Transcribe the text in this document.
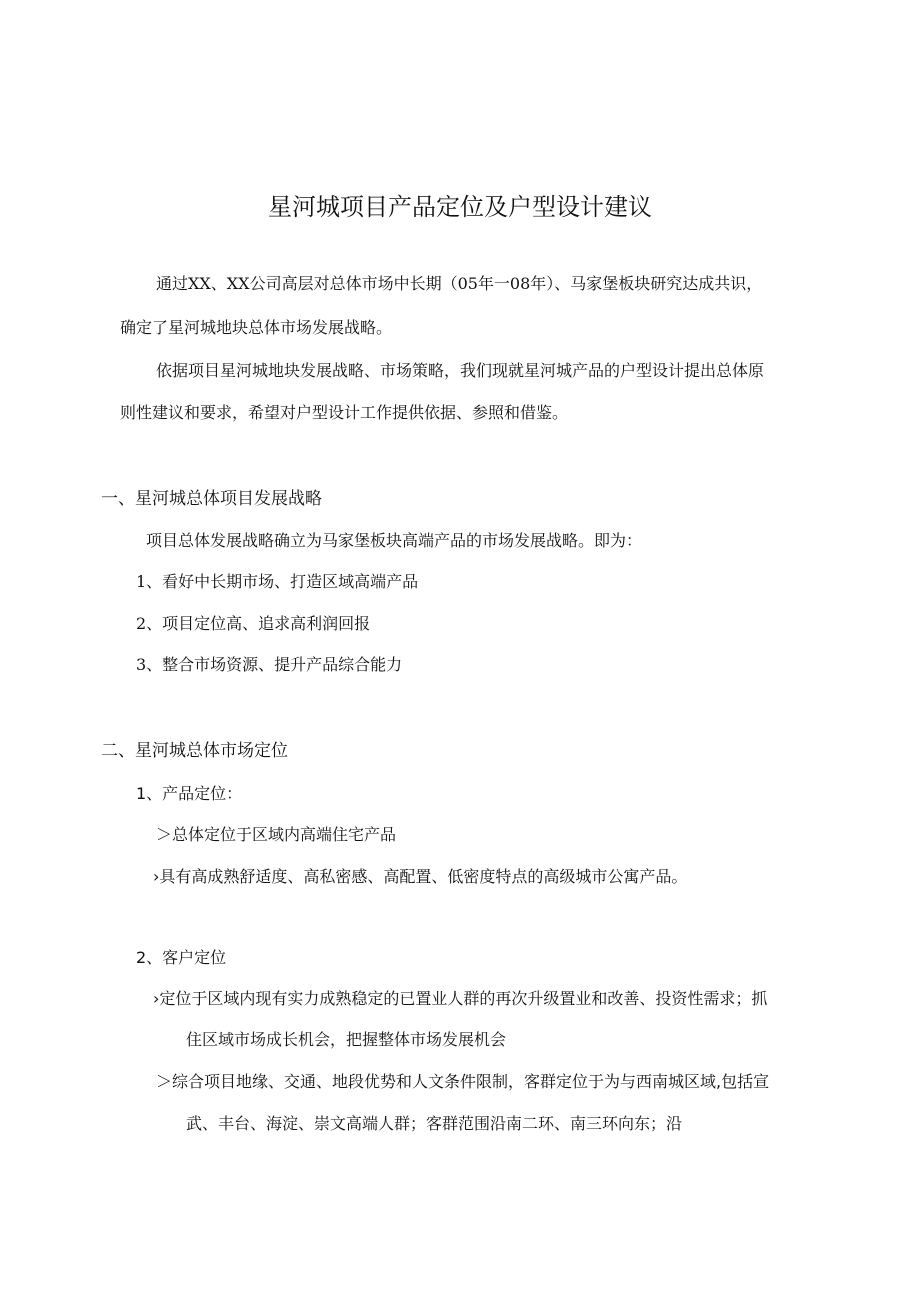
星河城项目产品定位及户型设计建议
通过XX、XX公司高层对总体市场中长期（05年一08年）、马家堡板块研究达成共识，
确定了星河城地块总体市场发展战略。
依据项目星河城地块发展战略、市场策略，我们现就星河城产品的户型设计提出总体原
则性建议和要求，希望对户型设计工作提供依据、参照和借鉴。
一、星河城总体项目发展战略
项目总体发展战略确立为马家堡板块高端产品的市场发展战略。即为：
1、看好中长期市场、打造区域高端产品
2、项目定位高、追求高利润回报
3、整合市场资源、提升产品综合能力
二、星河城总体市场定位
1、产品定位：
＞总体定位于区域内高端住宅产品
›具有高成熟舒适度、高私密感、高配置、低密度特点的高级城市公寓产品。
2、客户定位
›定位于区域内现有实力成熟稳定的已置业人群的再次升级置业和改善、投资性需求；抓
住区域市场成长机会，把握整体市场发展机会
＞综合项目地缘、交通、地段优势和人文条件限制，客群定位于为与西南城区域,包括宣
武、丰台、海淀、崇文高端人群；客群范围沿南二环、南三环向东；沿
